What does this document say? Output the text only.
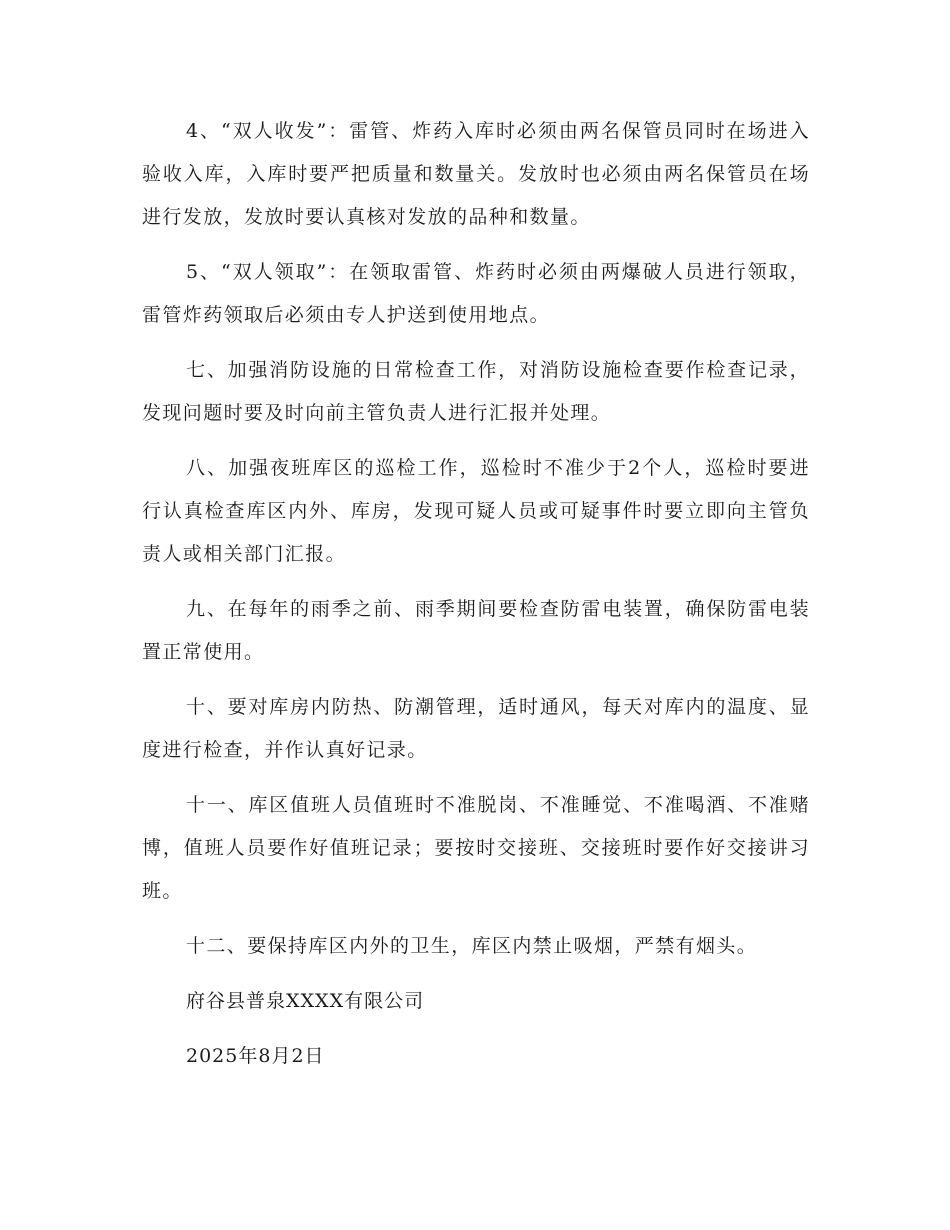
4、“双人收发”：雷管、炸药入库时必须由两名保管员同时在场进入验收入库，入库时要严把质量和数量关。发放时也必须由两名保管员在场进行发放，发放时要认真核对发放的品种和数量。

5、“双人领取”：在领取雷管、炸药时必须由两爆破人员进行领取，雷管炸药领取后必须由专人护送到使用地点。

七、加强消防设施的日常检查工作，对消防设施检查要作检查记录，发现问题时要及时向前主管负责人进行汇报并处理。

八、加强夜班库区的巡检工作，巡检时不准少于2个人，巡检时要进行认真检查库区内外、库房，发现可疑人员或可疑事件时要立即向主管负责人或相关部门汇报。

九、在每年的雨季之前、雨季期间要检查防雷电装置，确保防雷电装置正常使用。

十、要对库房内防热、防潮管理，适时通风，每天对库内的温度、显度进行检查，并作认真好记录。

十一、库区值班人员值班时不准脱岗、不准睡觉、不准喝酒、不准赌博，值班人员要作好值班记录；要按时交接班、交接班时要作好交接讲习班。

十二、要保持库区内外的卫生，库区内禁止吸烟，严禁有烟头。

府谷县普泉XXXX有限公司

2025年8月2日
